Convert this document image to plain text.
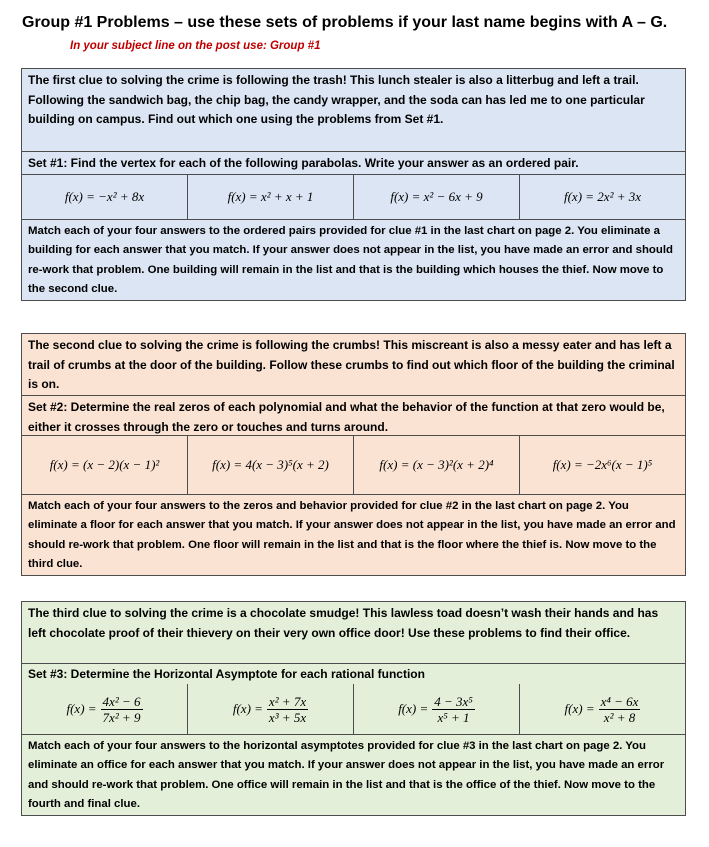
Group #1 Problems – use these sets of problems if your last name begins with A – G.
In your subject line on the post use: Group #1
The first clue to solving the crime is following the trash! This lunch stealer is also a litterbug and left a trail. Following the sandwich bag, the chip bag, the candy wrapper, and the soda can has led me to one particular building on campus. Find out which one using the problems from Set #1.
Set #1: Find the vertex for each of the following parabolas. Write your answer as an ordered pair.
f(x) = −x² + 8x	f(x) = x² + x + 1	f(x) = x² − 6x + 9	f(x) = 2x² + 3x
Match each of your four answers to the ordered pairs provided for clue #1 in the last chart on page 2. You eliminate a building for each answer that you match. If your answer does not appear in the list, you have made an error and should re-work that problem. One building will remain in the list and that is the building which houses the thief. Now move to the second clue.
The second clue to solving the crime is following the crumbs! This miscreant is also a messy eater and has left a trail of crumbs at the door of the building. Follow these crumbs to find out which floor of the building the criminal is on.
Set #2: Determine the real zeros of each polynomial and what the behavior of the function at that zero would be, either it crosses through the zero or touches and turns around.
f(x) = (x − 2)(x − 1)²	f(x) = 4(x − 3)⁵(x + 2)	f(x) = (x − 3)²(x + 2)⁴	f(x) = −2x⁶(x − 1)⁵
Match each of your four answers to the zeros and behavior provided for clue #2 in the last chart on page 2. You eliminate a floor for each answer that you match. If your answer does not appear in the list, you have made an error and should re-work that problem. One floor will remain in the list and that is the floor where the thief is. Now move to the third clue.
The third clue to solving the crime is a chocolate smudge! This lawless toad doesn’t wash their hands and has left chocolate proof of their thievery on their very own office door! Use these problems to find their office.
Set #3: Determine the Horizontal Asymptote for each rational function
$f(x) = \frac{\text{4x² − 6}}{\text{7x² + 9}}$	$f(x) = \frac{\text{x² + 7x}}{\text{x³ + 5x}}$	$f(x) = \frac{\text{4 − 3x⁵}}{\text{x⁵ + 1}}$	$f(x) = \frac{\text{x⁴ − 6x}}{\text{x² + 8}}$
Match each of your four answers to the horizontal asymptotes provided for clue #3 in the last chart on page 2. You eliminate an office for each answer that you match. If your answer does not appear in the list, you have made an error and should re-work that problem. One office will remain in the list and that is the office of the thief. Now move to the fourth and final clue.
